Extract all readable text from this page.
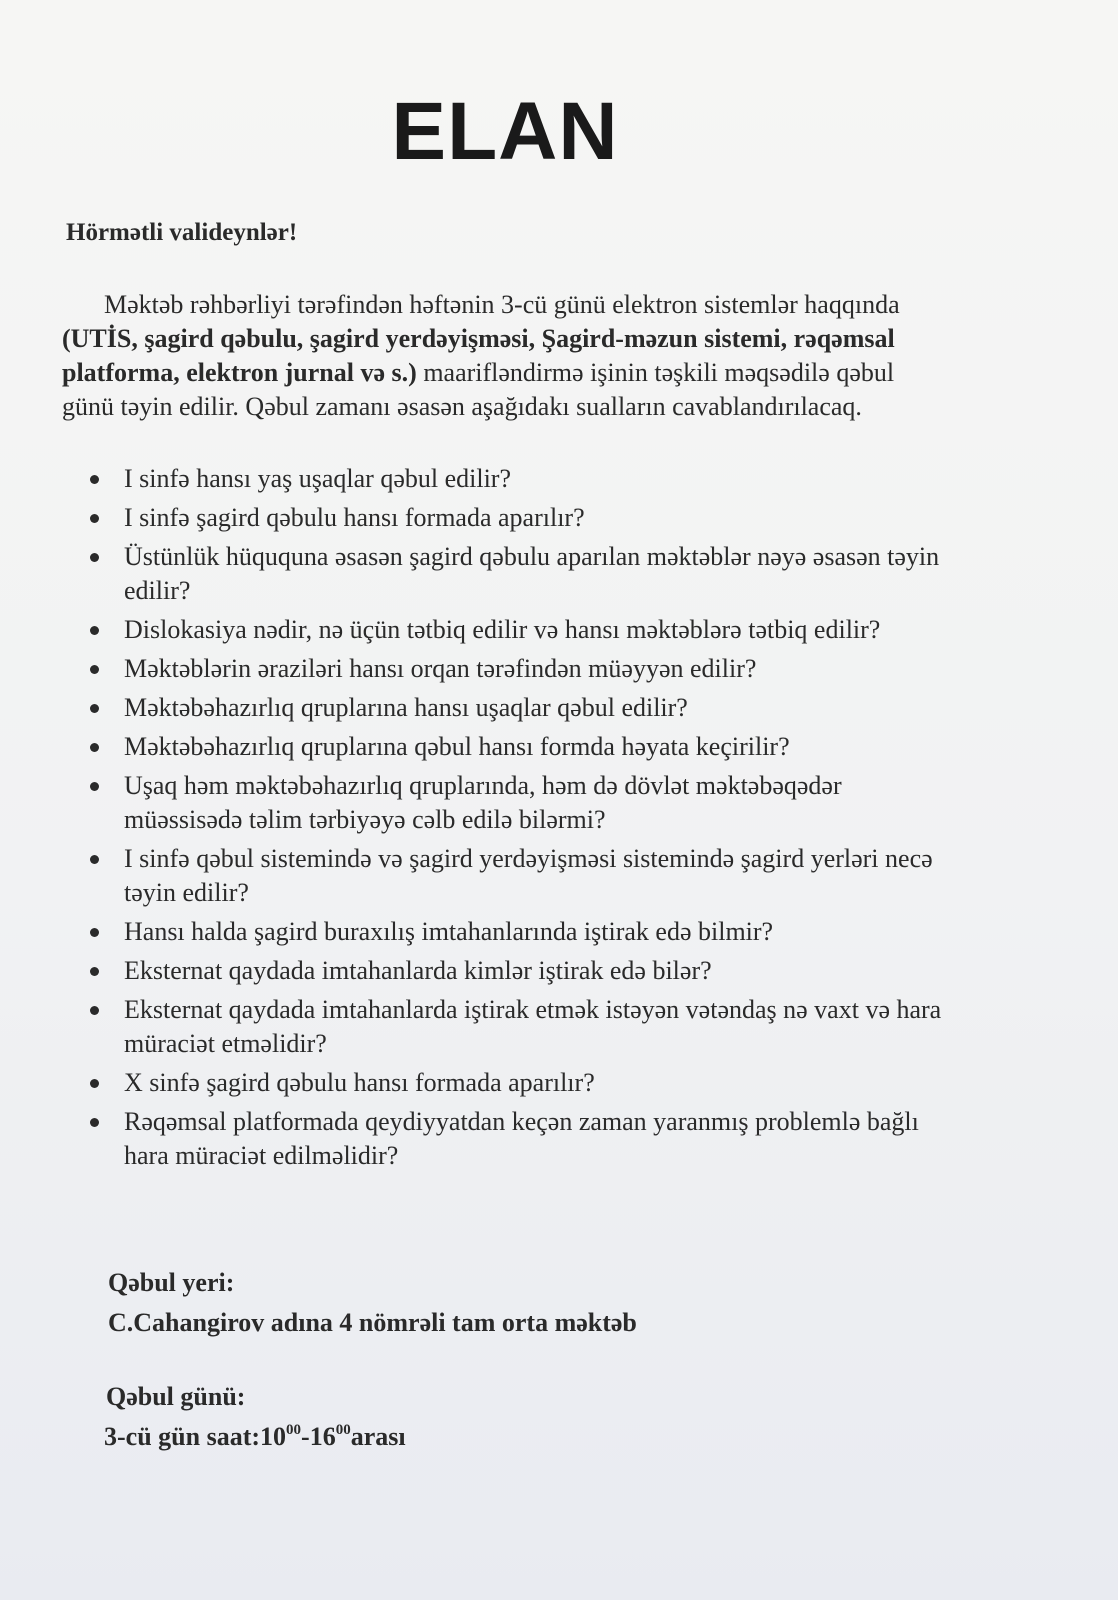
ELAN
Hörmətli valideynlər!

Məktəb rəhbərliyi tərəfindən həftənin 3-cü günü elektron sistemlər haqqında (UTİS, şagird qəbulu, şagird yerdəyişməsi, Şagird-məzun sistemi, rəqəmsal platforma, elektron jurnal və s.) maarifləndirmə işinin təşkili məqsədilə qəbul günü təyin edilir. Qəbul zamanı əsasən aşağıdakı sualların cavablandırılacaq.

I sinfə hansı yaş uşaqlar qəbul edilir?
I sinfə şagird qəbulu hansı formada aparılır?
Üstünlük hüququna əsasən şagird qəbulu aparılan məktəblər nəyə əsasən təyin edilir?
Dislokasiya nədir, nə üçün tətbiq edilir və hansı məktəblərə tətbiq edilir?
Məktəblərin əraziləri hansı orqan tərəfindən müəyyən edilir?
Məktəbəhazırlıq qruplarına hansı uşaqlar qəbul edilir?
Məktəbəhazırlıq qruplarına qəbul hansı formda həyata keçirilir?
Uşaq həm məktəbəhazırlıq qruplarında, həm də dövlət məktəbəqədər müəssisədə təlim tərbiyəyə cəlb edilə bilərmi?
I sinfə qəbul sistemində və şagird yerdəyişməsi sistemində şagird yerləri necə təyin edilir?
Hansı halda şagird buraxılış imtahanlarında iştirak edə bilmir?
Eksternat qaydada imtahanlarda kimlər iştirak edə bilər?
Eksternat qaydada imtahanlarda iştirak etmək istəyən vətəndaş nə vaxt və hara müraciət etməlidir?
X sinfə şagird qəbulu hansı formada aparılır?
Rəqəmsal platformada qeydiyyatdan keçən zaman yaranmış problemlə bağlı hara müraciət edilməlidir?
Qəbul yeri:
C.Cahangirov adına 4 nömrəli tam orta məktəb
Qəbul günü:
3-cü gün $saat:10^{00}-16^{00}arası$
